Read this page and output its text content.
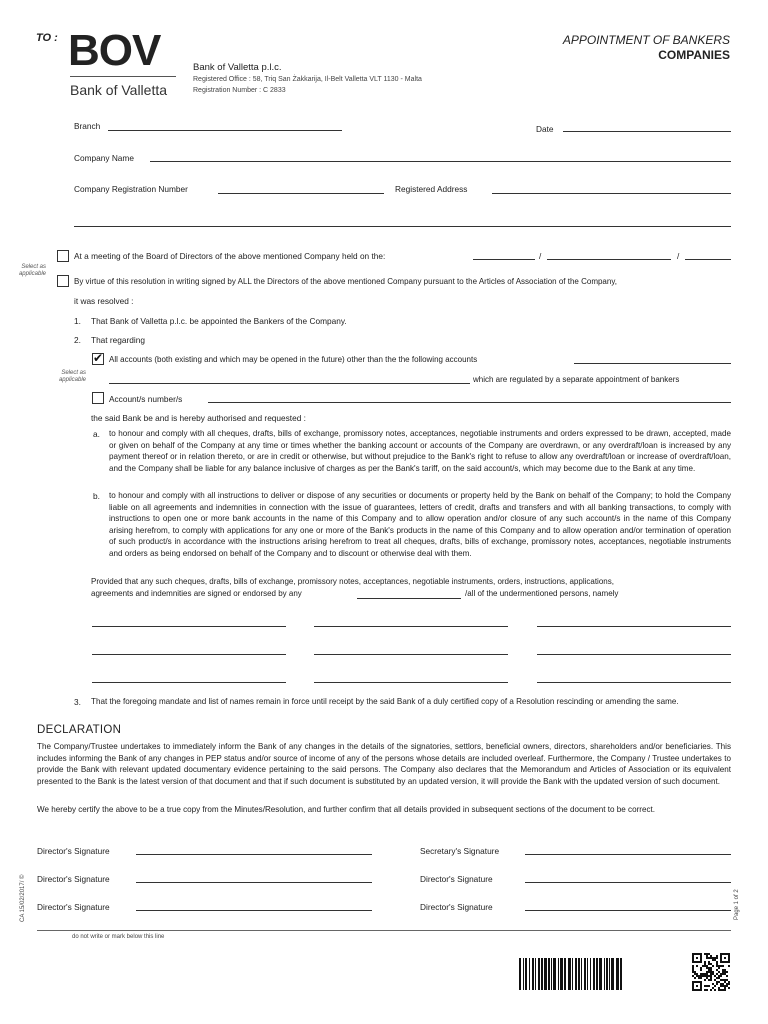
TO : BOV
Bank of Valletta
Bank of Valletta p.l.c.
Registered Office : 58, Triq San Żakkarija, Il-Belt Valletta VLT 1130 - Malta
Registration Number : C 2833
APPOINTMENT OF BANKERS
COMPANIES
Branch	Date
Company Name
Company Registration Number	Registered Address
Select as applicable
At a meeting of the Board of Directors of the above mentioned Company held on the:	/	/
By virtue of this resolution in writing signed by ALL the Directors of the above mentioned Company pursuant to the Articles of Association of the Company,
it was resolved :
1. That Bank of Valletta p.l.c. be appointed the Bankers of the Company.
2. That regarding
Select as applicable
✔
All accounts (both existing and which may be opened in the future) other than the the following accounts
which are regulated by a separate appointment of bankers
Account/s number/s
the said Bank be and is hereby authorised and requested :
a. to honour and comply with all cheques, drafts, bills of exchange, promissory notes, acceptances, negotiable instruments and orders expressed to be drawn, accepted, made or given on behalf of the Company at any time or times whether the banking account or accounts of the Company are overdrawn, or any overdraft/loan is increased by any payment thereof or in relation thereto, or are in credit or otherwise, but without prejudice to the Bank's right to refuse to allow any overdraft/loan or increase of overdraft/loan, and the Company shall be liable for any balance inclusive of charges as per the Bank's tariff, on the said account/s, which may become due to the Bank at any time.
b. to honour and comply with all instructions to deliver or dispose of any securities or documents or property held by the Bank on behalf of the Company; to hold the Company liable on all agreements and indemnities in connection with the issue of guarantees, letters of credit, drafts and transfers and with all banking transactions, to comply with instructions to open one or more bank accounts in the name of this Company and to allow operation and/or closure of any such account/s in the name of this Company arising herefrom, to comply with applications for any one or more of the Bank's products in the name of this Company and to allow operation and/or termination of operation of such product/s in accordance with the instructions arising herefrom to treat all cheques, drafts, bills of exchange, promissory notes, acceptances, negotiable instruments and orders as being endorsed on behalf of the Company and to discount or otherwise deal with them.
Provided that any such cheques, drafts, bills of exchange, promissory notes, acceptances, negotiable instruments, orders, instructions, applications,
agreements and indemnities are signed or endorsed by any	/all of the undermentioned persons, namely
3. That the foregoing mandate and list of names remain in force until receipt by the said Bank of a duly certified copy of a Resolution rescinding or amending the same.
DECLARATION
The Company/Trustee undertakes to immediately inform the Bank of any changes in the details of the signatories, settlors, beneficial owners, directors, shareholders and/or beneficiaries. This includes informing the Bank of any changes in PEP status and/or source of income of any of the persons whose details are included overleaf. Furthermore, the Company / Trustee undertakes to provide the Bank with relevant updated documentary evidence pertaining to the said persons. The Company also declares that the Memorandum and Articles of Association or its equivalent presented to the Bank is the latest version of that document and that if such document is substituted by an updated version, it will provide the Bank with the updated version of such document.
We hereby certify the above to be a true copy from the Minutes/Resolution, and further confirm that all details provided in subsequent sections of the document to be correct.
Director's Signature	Secretary's Signature
Director's Signature	Director's Signature
Director's Signature	Director's Signature
CA 15/02/2017/ ©	Page 1 of 2
do not write or mark below this line
